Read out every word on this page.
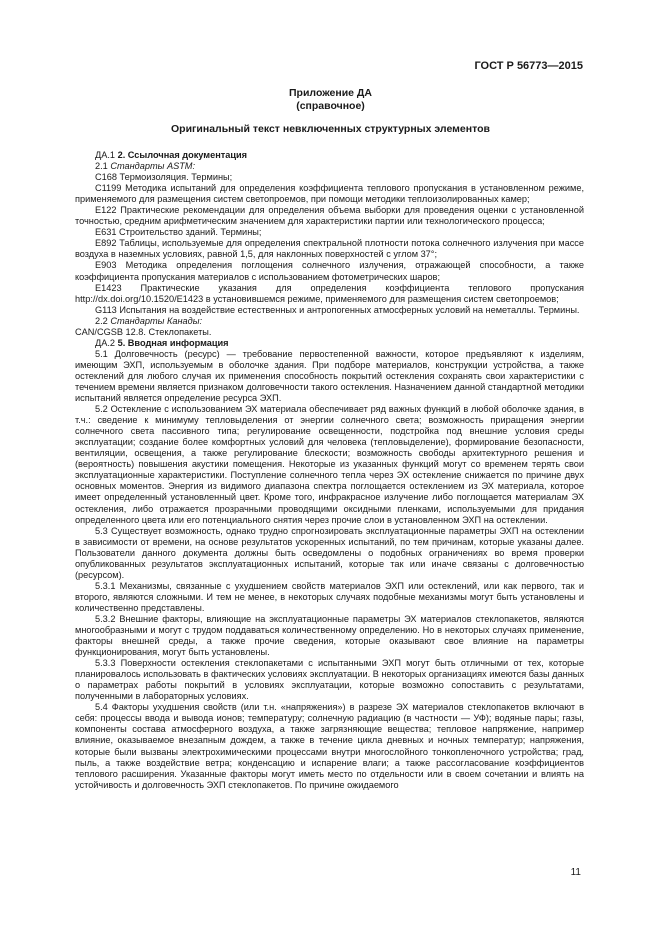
ГОСТ Р 56773—2015
Приложение ДА
(справочное)
Оригинальный текст невключенных структурных элементов

ДА.1 2. Ссылочная документация

2.1 Стандарты ASTM:

C168 Термоизоляция. Термины;

C1199 Методика испытаний для определения коэффициента теплового пропускания в установленном режиме, применяемого для размещения систем светопроемов, при помощи методики теплоизолированных камер;

E122 Практические рекомендации для определения объема выборки для проведения оценки с установленной точностью, средним арифметическим значением для характеристики партии или технологического процесса;

E631 Строительство зданий. Термины;

E892 Таблицы, используемые для определения спектральной плотности потока солнечного излучения при массе воздуха в наземных условиях, равной 1,5, для наклонных поверхностей с углом 37°;

E903 Методика определения поглощения солнечного излучения, отражающей способности, а также коэффициента пропускания материалов с использованием фотометрических шаров;

E1423 Практические указания для определения коэффициента теплового пропускания http://dx.doi.org/10.1520/E1423 в установившемся режиме, применяемого для размещения систем светопроемов;

G113 Испытания на воздействие естественных и антропогенных атмосферных условий на неметаллы. Термины.

2.2 Стандарты Канады:

CAN/CGSB 12.8. Стеклопакеты.

ДА.2 5. Вводная информация

5.1 Долговечность (ресурс) — требование первостепенной важности, которое предъявляют к изделиям, имеющим ЭХП, используемым в оболочке здания. При подборе материалов, конструкции устройства, а также остеклений для любого случая их применения способность покрытий остекления сохранять свои характеристики с течением времени является признаком долговечности такого остекления. Назначением данной стандартной методики испытаний является определение ресурса ЭХП.

5.2 Остекление с использованием ЭХ материала обеспечивает ряд важных функций в любой оболочке здания, в т.ч.: сведение к минимуму тепловыделения от энергии солнечного света; возможность приращения энергии солнечного света пассивного типа; регулирование освещенности, подстройка под внешние условия среды эксплуатации; создание более комфортных условий для человека (тепловыделение), формирование безопасности, вентиляции, освещения, а также регулирование блескости; возможность свободы архитектурного решения и (вероятность) повышения акустики помещения. Некоторые из указанных функций могут со временем терять свои эксплуатационные характеристики. Поступление солнечного тепла через ЭХ остекление снижается по причине двух основных моментов. Энергия из видимого диапазона спектра поглощается остеклением из ЭХ материала, которое имеет определенный установленный цвет. Кроме того, инфракрасное излучение либо поглощается материалам ЭХ остекления, либо отражается прозрачными проводящими оксидными пленками, используемыми для придания определенного цвета или его потенциального снятия через прочие слои в установленном ЭХП на остеклении.

5.3 Существует возможность, однако трудно спрогнозировать эксплуатационные параметры ЭХП на остеклении в зависимости от времени, на основе результатов ускоренных испытаний, по тем причинам, которые указаны далее. Пользователи данного документа должны быть осведомлены о подобных ограничениях во время проверки опубликованных результатов эксплуатационных испытаний, которые так или иначе связаны с долговечностью (ресурсом).

5.3.1 Механизмы, связанные с ухудшением свойств материалов ЭХП или остеклений, или как первого, так и второго, являются сложными. И тем не менее, в некоторых случаях подобные механизмы могут быть установлены и количественно представлены.

5.3.2 Внешние факторы, влияющие на эксплуатационные параметры ЭХ материалов стеклопакетов, являются многообразными и могут с трудом поддаваться количественному определению. Но в некоторых случаях применение, факторы внешней среды, а также прочие сведения, которые оказывают свое влияние на параметры функционирования, могут быть установлены.

5.3.3 Поверхности остекления стеклопакетами с испытанными ЭХП могут быть отличными от тех, которые планировалось использовать в фактических условиях эксплуатации. В некоторых организациях имеются базы данных о параметрах работы покрытий в условиях эксплуатации, которые возможно сопоставить с результатами, полученными в лабораторных условиях.

5.4 Факторы ухудшения свойств (или т.н. «напряжения») в разрезе ЭХ материалов стеклопакетов включают в себя: процессы ввода и вывода ионов; температуру; солнечную радиацию (в частности — УФ); водяные пары; газы, компоненты состава атмосферного воздуха, а также загрязняющие вещества; тепловое напряжение, например влияние, оказываемое внезапным дождем, а также в течение цикла дневных и ночных температур; напряжения, которые были вызваны электрохимическими процессами внутри многослойного тонкопленочного устройства; град, пыль, а также воздействие ветра; конденсацию и испарение влаги; а также рассогласование коэффициентов теплового расширения. Указанные факторы могут иметь место по отдельности или в своем сочетании и влиять на устойчивость и долговечность ЭХП стеклопакетов. По причине ожидаемого

11
